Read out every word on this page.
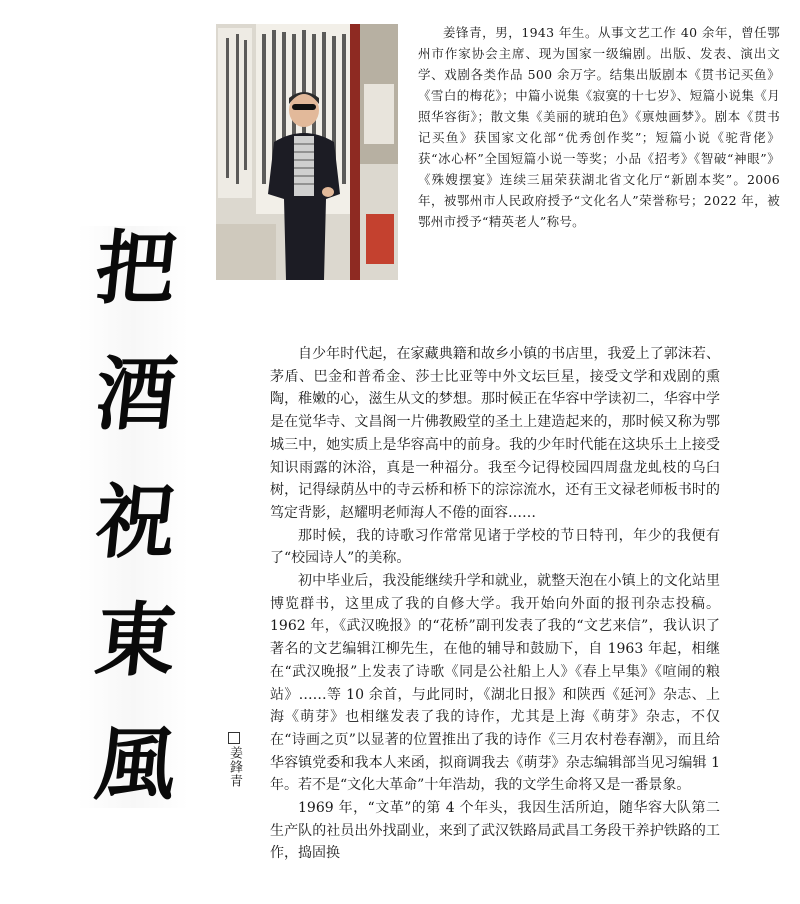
姜锋青，男，1943 年生。从事文艺工作 40 余年，曾任鄂州市作家协会主席、现为国家一级编剧。出版、发表、演出文学、戏剧各类作品 500 余万字。结集出版剧本《贯书记买鱼》《雪白的梅花》；中篇小说集《寂寞的十七岁》、短篇小说集《月照华容街》；散文集《美丽的琥珀色》《禀烛画梦》。剧本《贯书记买鱼》获国家文化部“优秀创作奖”；短篇小说《驼背佬》获“冰心杯”全国短篇小说一等奖；小品《招考》《智破“神眼”》《殊嫂摆宴》连续三届荣获湖北省文化厅“新剧本奖”。2006 年，被鄂州市人民政府授予“文化名人”荣誉称号；2022 年，被鄂州市授予“精英老人”称号。

把
酒
祝
東
風	姜鋒青

自少年时代起，在家藏典籍和故乡小镇的书店里，我爱上了郭沫若、茅盾、巴金和普希金、莎士比亚等中外文坛巨星，接受文学和戏剧的熏陶，稚嫩的心，滋生从文的梦想。那时候正在华容中学读初二，华容中学是在觉华寺、文昌阁一片佛教殿堂的圣土上建造起来的，那时候又称为鄂城三中，她实质上是华容高中的前身。我的少年时代能在这块乐土上接受知识雨露的沐浴，真是一种福分。我至今记得校园四周盘龙虬枝的乌臼树，记得绿荫丛中的寺云桥和桥下的淙淙流水，还有王文禄老师板书时的笃定背影，赵耀明老师海人不倦的面容……

那时候，我的诗歌习作常常见诸于学校的节日特刊，年少的我便有了“校园诗人”的美称。

初中毕业后，我没能继续升学和就业，就整天泡在小镇上的文化站里博览群书，这里成了我的自修大学。我开始向外面的报刊杂志投稿。1962 年，《武汉晚报》的“花桥”副刊发表了我的“文艺来信”，我认识了著名的文艺编辑江柳先生，在他的辅导和鼓励下，自 1963 年起，相继在“武汉晚报”上发表了诗歌《同是公社船上人》《春上早集》《喧闹的粮站》……等 10 余首，与此同时，《湖北日报》和陕西《延河》杂志、上海《萌芽》也相继发表了我的诗作，尤其是上海《萌芽》杂志，不仅在“诗画之页”以显著的位置推出了我的诗作《三月农村卷春潮》，而且给华容镇党委和我本人来函，拟商调我去《萌芽》杂志编辑部当见习编辑 1 年。若不是“文化大革命”十年浩劫，我的文学生命将又是一番景象。

1969 年，“文革”的第 4 个年头，我因生活所迫，随华容大队第二生产队的社员出外找副业，来到了武汉铁路局武昌工务段干养护铁路的工作，捣固换
